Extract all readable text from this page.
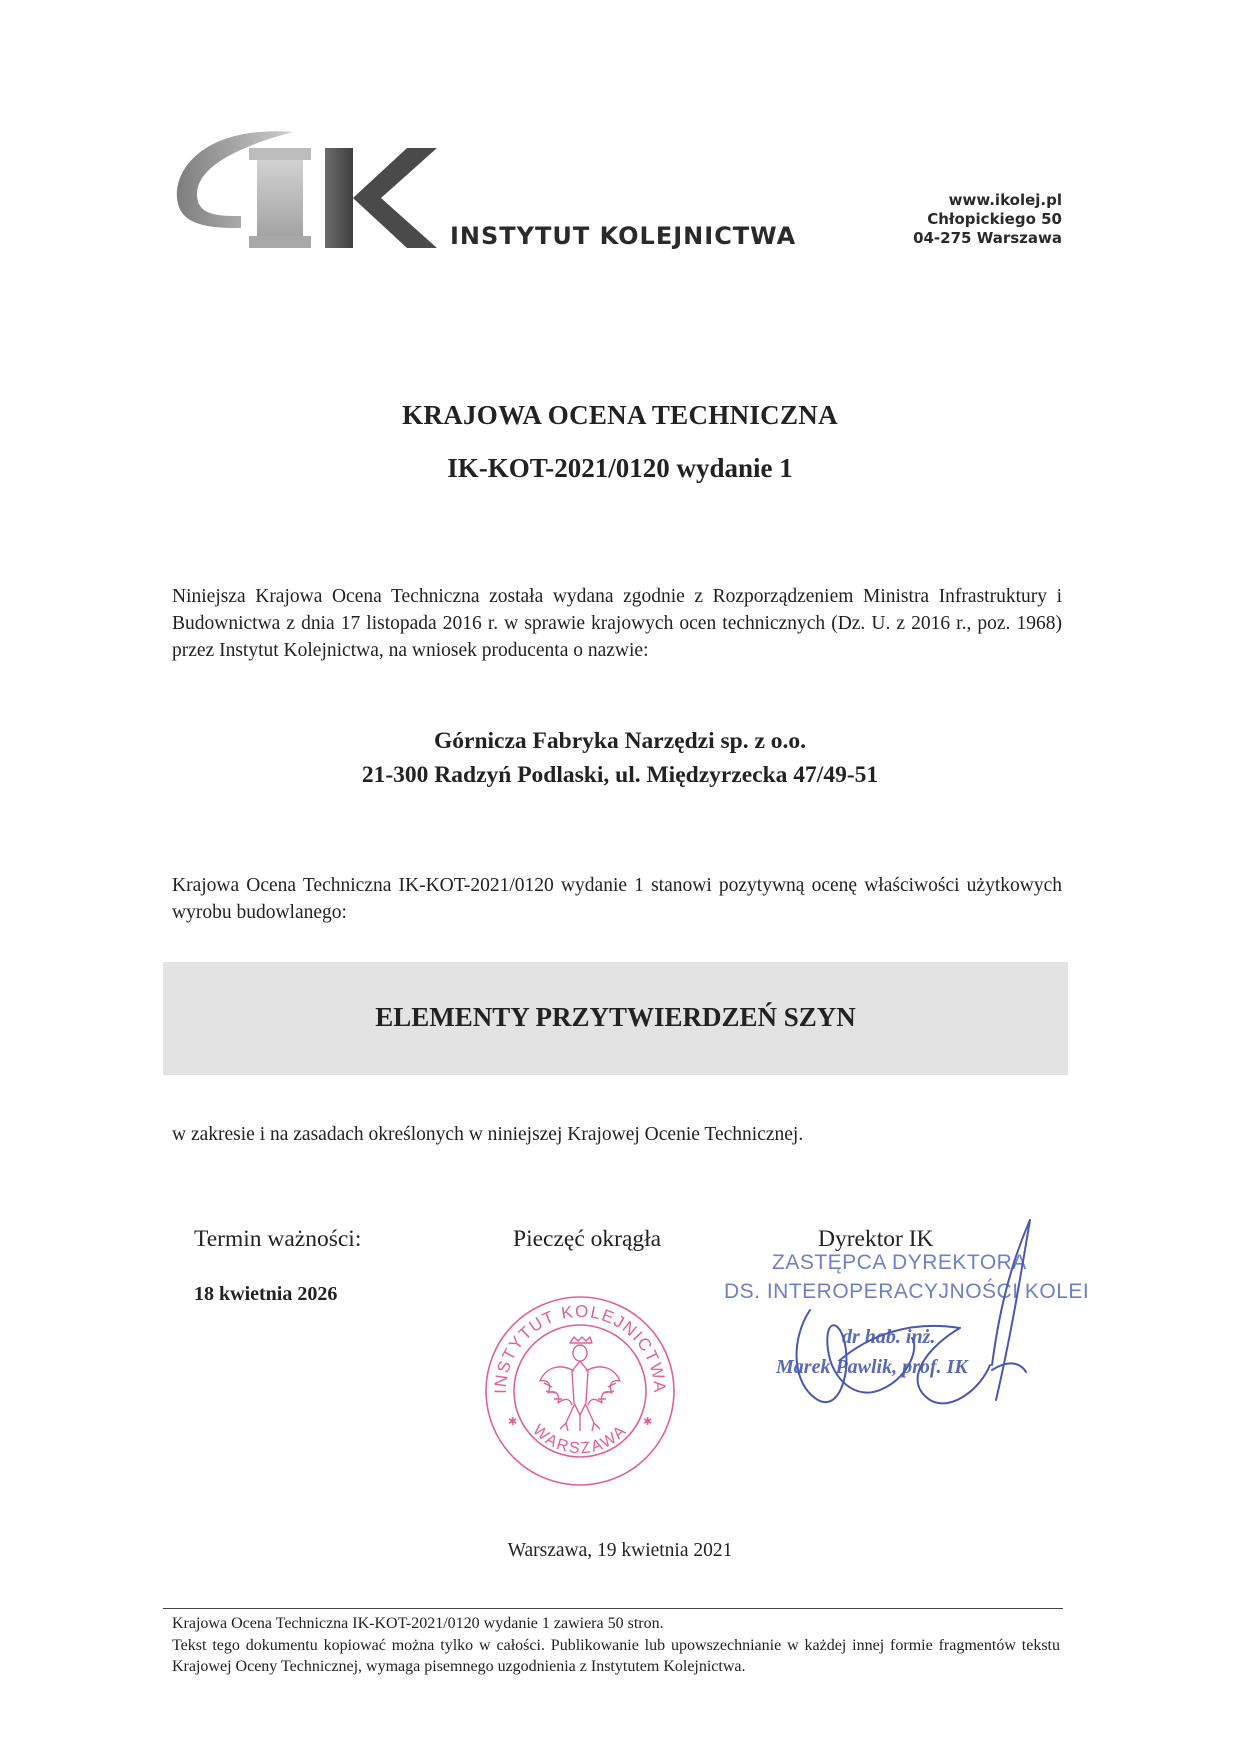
INSTYTUT KOLEJNICTWA
www.ikolej.pl
Chłopickiego 50
04-275 Warszawa
KRAJOWA OCENA TECHNICZNA
IK-KOT-2021/0120 wydanie 1
Niniejsza Krajowa Ocena Techniczna została wydana zgodnie z Rozporządzeniem Ministra Infrastruktury i Budownictwa z dnia 17 listopada 2016 r. w sprawie krajowych ocen technicznych (Dz. U. z 2016 r., poz. 1968) przez Instytut Kolejnictwa, na wniosek producenta o nazwie:
Górnicza Fabryka Narzędzi sp. z o.o.
21-300 Radzyń Podlaski, ul. Międzyrzecka 47/49-51
Krajowa Ocena Techniczna IK-KOT-2021/0120 wydanie 1 stanowi pozytywną ocenę właściwości użytkowych wyrobu budowlanego:
ELEMENTY PRZYTWIERDZEŃ SZYN
w zakresie i na zasadach określonych w niniejszej Krajowej Ocenie Technicznej.
Termin ważności:
18 kwietnia 2026
Pieczęć okrągła
INSTYTUT KOLEJNICTWA
WARSZAWA
✱	✱
Dyrektor IK
ZASTĘPCA DYREKTORA
DS. INTEROPERACYJNOŚCI KOLEI
dr hab. inż.
Marek Pawlik, prof. IK
Warszawa, 19 kwietnia 2021
Krajowa Ocena Techniczna IK-KOT-2021/0120 wydanie 1 zawiera 50 stron.
Tekst tego dokumentu kopiować można tylko w całości. Publikowanie lub upowszechnianie w każdej innej formie fragmentów tekstu Krajowej Oceny Technicznej, wymaga pisemnego uzgodnienia z Instytutem Kolejnictwa.
